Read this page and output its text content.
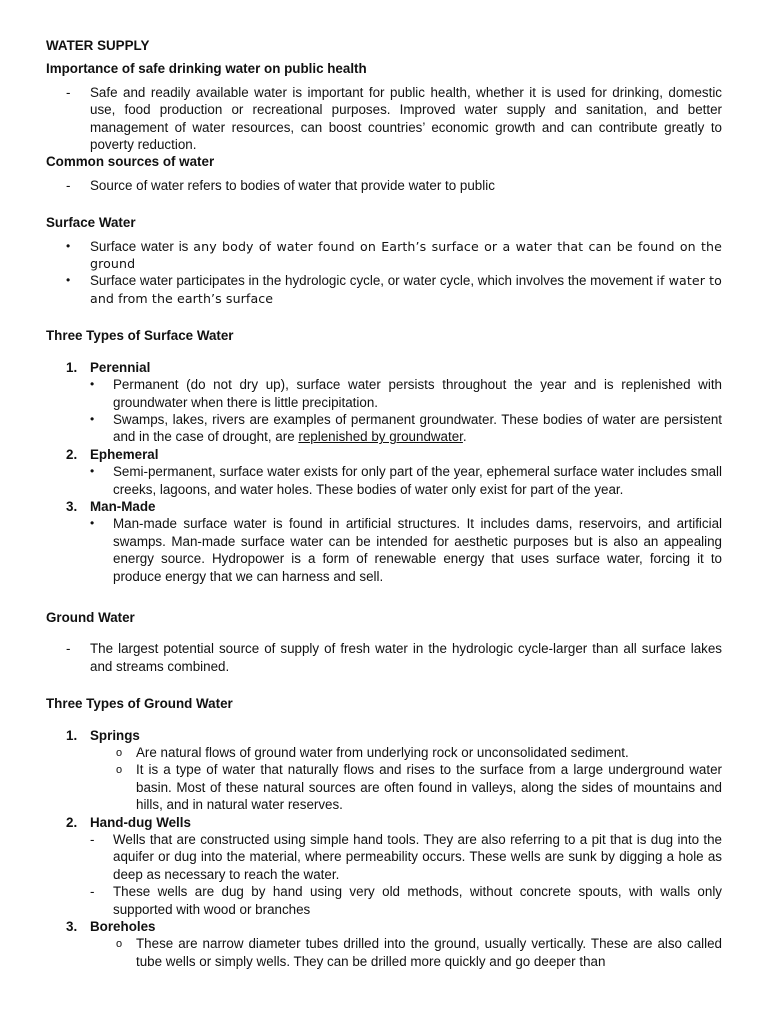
WATER SUPPLY

Importance of safe drinking water on public health

- Safe and readily available water is important for public health, whether it is used for drinking, domestic use, food production or recreational purposes. Improved water supply and sanitation, and better management of water resources, can boost countries’ economic growth and can contribute greatly to poverty reduction.

Common sources of water

- Source of water refers to bodies of water that provide water to public

Surface Water

• Surface water is any body of water found on Earth’s surface or a water that can be found on the ground
• Surface water participates in the hydrologic cycle, or water cycle, which involves the movement if water to and from the earth’s surface

Three Types of Surface Water

1. Perennial
• Permanent (do not dry up), surface water persists throughout the year and is replenished with groundwater when there is little precipitation.
• Swamps, lakes, rivers are examples of permanent groundwater. These bodies of water are persistent and in the case of drought, are replenished by groundwater.
2. Ephemeral
• Semi-permanent, surface water exists for only part of the year, ephemeral surface water includes small creeks, lagoons, and water holes. These bodies of water only exist for part of the year.
3. Man-Made
• Man-made surface water is found in artificial structures. It includes dams, reservoirs, and artificial swamps. Man-made surface water can be intended for aesthetic purposes but is also an appealing energy source. Hydropower is a form of renewable energy that uses surface water, forcing it to produce energy that we can harness and sell.

Ground Water

- The largest potential source of supply of fresh water in the hydrologic cycle-larger than all surface lakes and streams combined.

Three Types of Ground Water

1. Springs
o Are natural flows of ground water from underlying rock or unconsolidated sediment.
o It is a type of water that naturally flows and rises to the surface from a large underground water basin. Most of these natural sources are often found in valleys, along the sides of mountains and hills, and in natural water reserves.
2. Hand-dug Wells
- Wells that are constructed using simple hand tools. They are also referring to a pit that is dug into the aquifer or dug into the material, where permeability occurs. These wells are sunk by digging a hole as deep as necessary to reach the water.
- These wells are dug by hand using very old methods, without concrete spouts, with walls only supported with wood or branches
3. Boreholes
o These are narrow diameter tubes drilled into the ground, usually vertically. These are also called tube wells or simply wells. They can be drilled more quickly and go deeper than
